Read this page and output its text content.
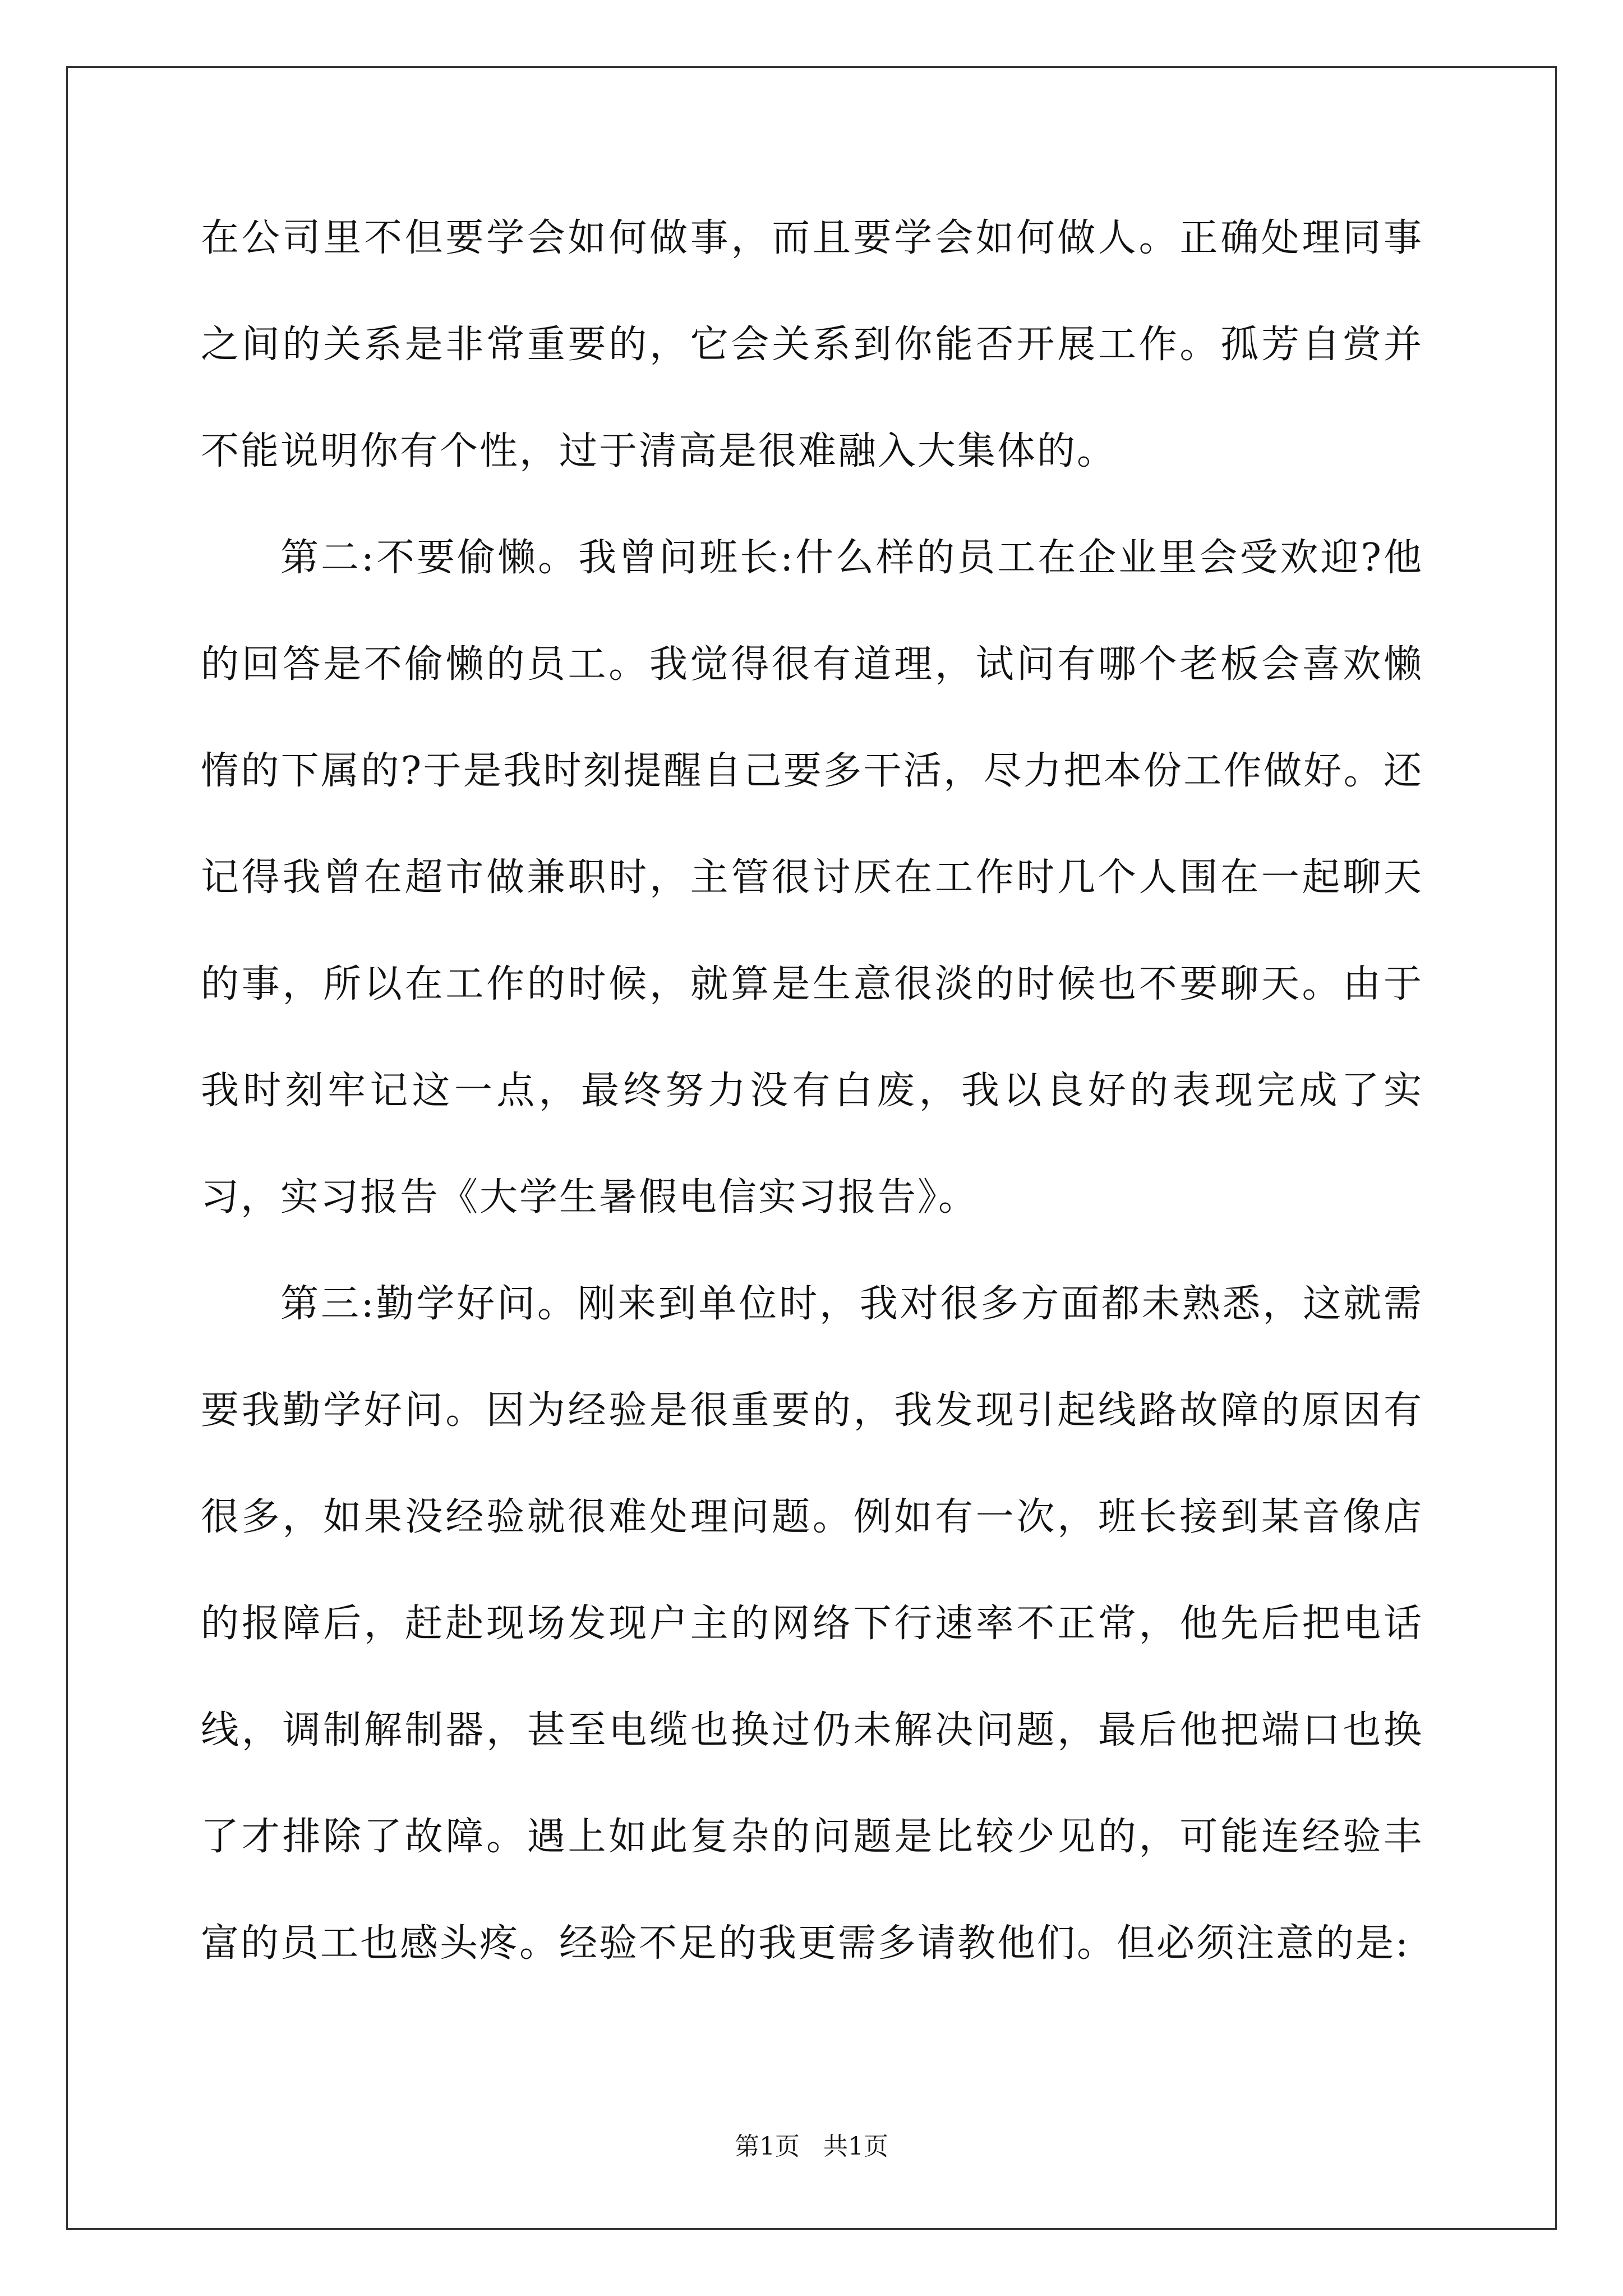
在公司里不但要学会如何做事，而且要学会如何做人。正确处理同事之间的关系是非常重要的，它会关系到你能否开展工作。孤芳自赏并不能说明你有个性，过于清高是很难融入大集体的。

第二:不要偷懒。我曾问班长:什么样的员工在企业里会受欢迎?他的回答是不偷懒的员工。我觉得很有道理，试问有哪个老板会喜欢懒惰的下属的?于是我时刻提醒自己要多干活，尽力把本份工作做好。还记得我曾在超市做兼职时，主管很讨厌在工作时几个人围在一起聊天的事，所以在工作的时候，就算是生意很淡的时候也不要聊天。由于我时刻牢记这一点，最终努力没有白废，我以良好的表现完成了实习，实习报告《大学生暑假电信实习报告》。

第三:勤学好问。刚来到单位时，我对很多方面都未熟悉，这就需要我勤学好问。因为经验是很重要的，我发现引起线路故障的原因有很多，如果没经验就很难处理问题。例如有一次，班长接到某音像店的报障后，赶赴现场发现户主的网络下行速率不正常，他先后把电话线，调制解制器，甚至电缆也换过仍未解决问题，最后他把端口也换了才排除了故障。遇上如此复杂的问题是比较少见的，可能连经验丰富的员工也感头疼。经验不足的我更需多请教他们。但必须注意的是:

第1页   共1页
